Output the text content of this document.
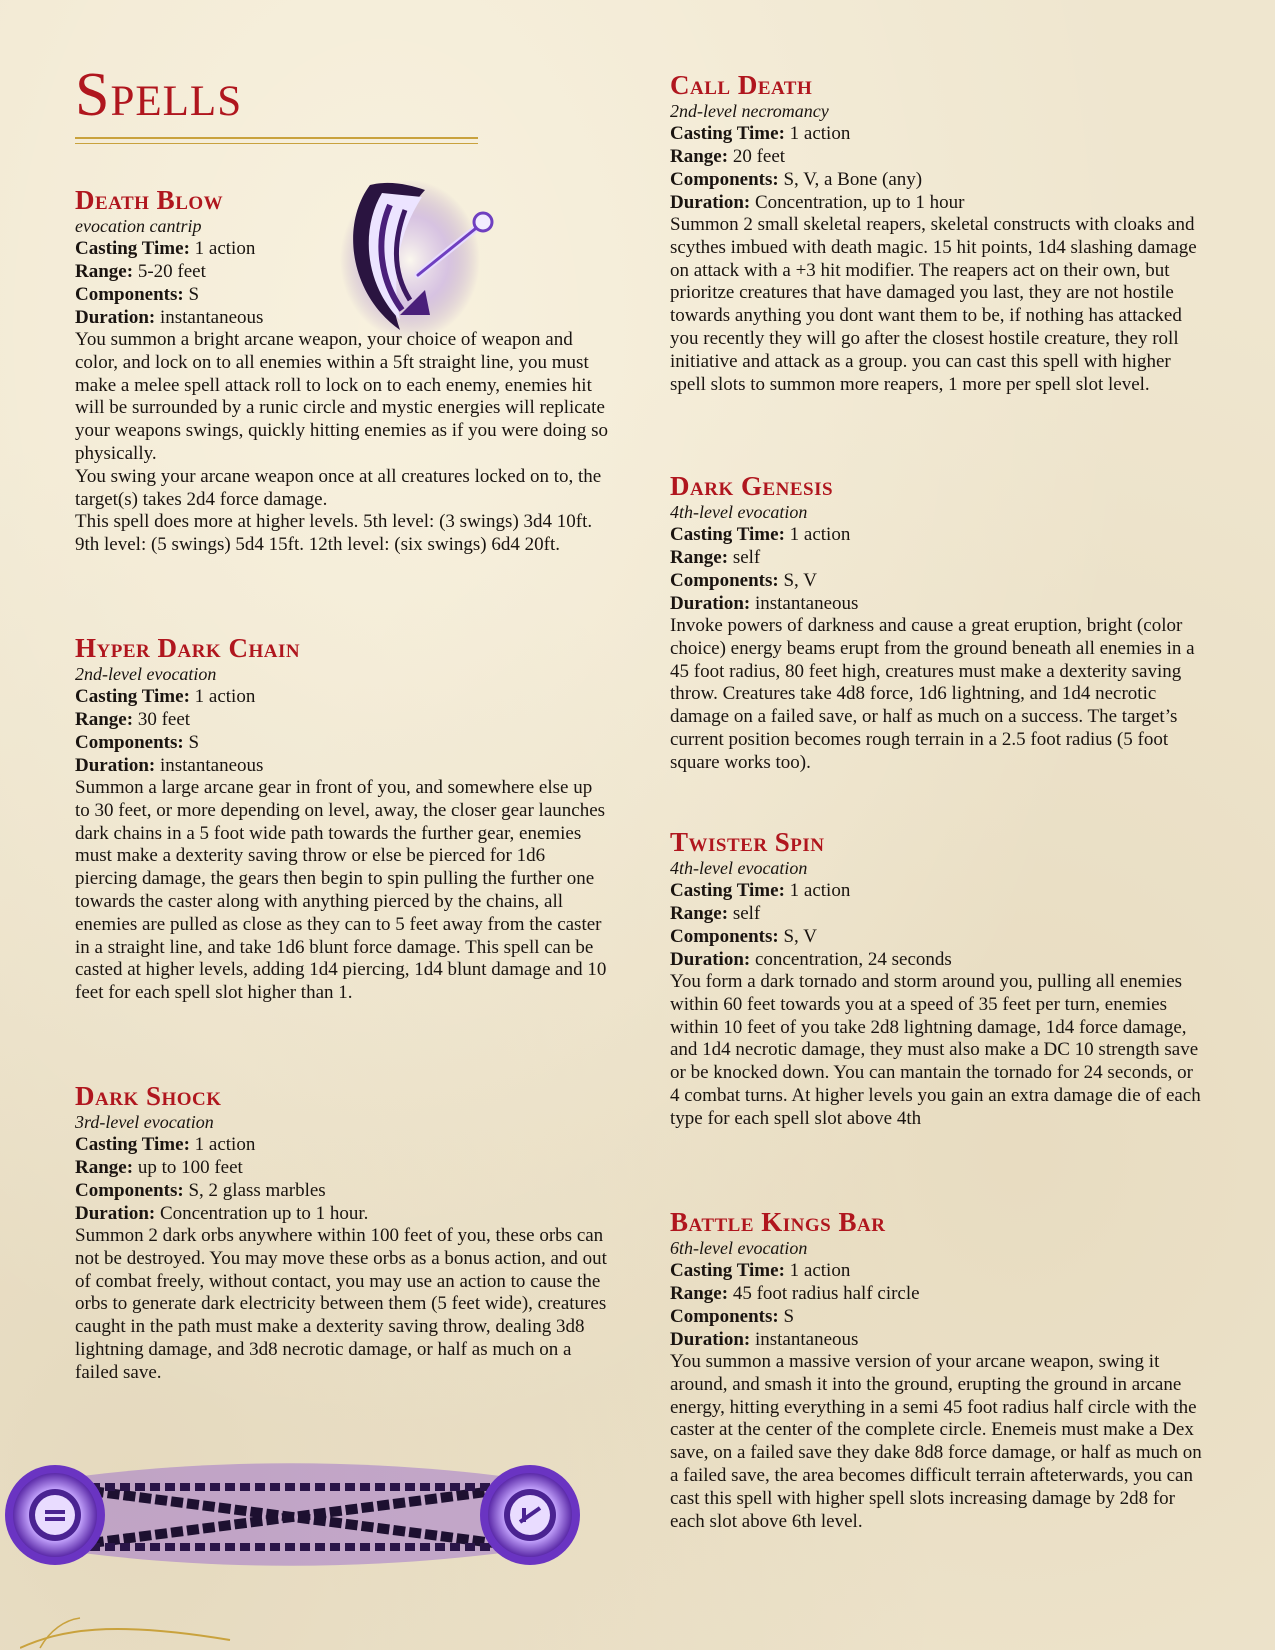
Spells
Death Blow
evocation cantrip
Casting Time: 1 action
Range: 5-20 feet
Components: S
Duration: instantaneous

You summon a bright arcane weapon, your choice of weapon and color, and lock on to all enemies within a 5ft straight line, you must make a melee spell attack roll to lock on to each enemy, enemies hit will be surrounded by a runic circle and mystic energies will replicate your weapons swings, quickly hitting enemies as if you were doing so physically.

You swing your arcane weapon once at all creatures locked on to, the target(s) takes 2d4 force damage.

This spell does more at higher levels. 5th level: (3 swings) 3d4 10ft. 9th level: (5 swings) 5d4 15ft. 12th level: (six swings) 6d4 20ft.

Hyper Dark Chain
2nd-level evocation
Casting Time: 1 action
Range: 30 feet
Components: S
Duration: instantaneous

Summon a large arcane gear in front of you, and somewhere else up to 30 feet, or more depending on level, away, the closer gear launches dark chains in a 5 foot wide path towards the further gear, enemies must make a dexterity saving throw or else be pierced for 1d6 piercing damage, the gears then begin to spin pulling the further one towards the caster along with anything pierced by the chains, all enemies are pulled as close as they can to 5 feet away from the caster in a straight line, and take 1d6 blunt force damage. This spell can be casted at higher levels, adding 1d4 piercing, 1d4 blunt damage and 10 feet for each spell slot higher than 1.

Dark Shock
3rd-level evocation
Casting Time: 1 action
Range: up to 100 feet
Components: S, 2 glass marbles
Duration: Concentration up to 1 hour.

Summon 2 dark orbs anywhere within 100 feet of you, these orbs can not be destroyed. You may move these orbs as a bonus action, and out of combat freely, without contact, you may use an action to cause the orbs to generate dark electricity between them (5 feet wide), creatures caught in the path must make a dexterity saving throw, dealing 3d8 lightning damage, and 3d8 necrotic damage, or half as much on a failed save.

Call Death
2nd-level necromancy
Casting Time: 1 action
Range: 20 feet
Components: S, V, a Bone (any)
Duration: Concentration, up to 1 hour

Summon 2 small skeletal reapers, skeletal constructs with cloaks and scythes imbued with death magic. 15 hit points, 1d4 slashing damage on attack with a +3 hit modifier. The reapers act on their own, but prioritze creatures that have damaged you last, they are not hostile towards anything you dont want them to be, if nothing has attacked you recently they will go after the closest hostile creature, they roll initiative and attack as a group. you can cast this spell with higher spell slots to summon more reapers, 1 more per spell slot level.

Dark Genesis
4th-level evocation
Casting Time: 1 action
Range: self
Components: S, V
Duration: instantaneous

Invoke powers of darkness and cause a great eruption, bright (color choice) energy beams erupt from the ground beneath all enemies in a 45 foot radius, 80 feet high, creatures must make a dexterity saving throw. Creatures take 4d8 force, 1d6 lightning, and 1d4 necrotic damage on a failed save, or half as much on a success. The target’s current position becomes rough terrain in a 2.5 foot radius (5 foot square works too).

Twister Spin
4th-level evocation
Casting Time: 1 action
Range: self
Components: S, V
Duration: concentration, 24 seconds

You form a dark tornado and storm around you, pulling all enemies within 60 feet towards you at a speed of 35 feet per turn, enemies within 10 feet of you take 2d8 lightning damage, 1d4 force damage, and 1d4 necrotic damage, they must also make a DC 10 strength save or be knocked down. You can mantain the tornado for 24 seconds, or 4 combat turns. At higher levels you gain an extra damage die of each type for each spell slot above 4th

Battle Kings Bar
6th-level evocation
Casting Time: 1 action
Range: 45 foot radius half circle
Components: S
Duration: instantaneous

You summon a massive version of your arcane weapon, swing it around, and smash it into the ground, erupting the ground in arcane energy, hitting everything in a semi 45 foot radius half circle with the caster at the center of the complete circle. Enemeis must make a Dex save, on a failed save they dake 8d8 force damage, or half as much on a failed save, the area becomes difficult terrain afteterwards, you can cast this spell with higher spell slots increasing damage by 2d8 for each slot above 6th level.
